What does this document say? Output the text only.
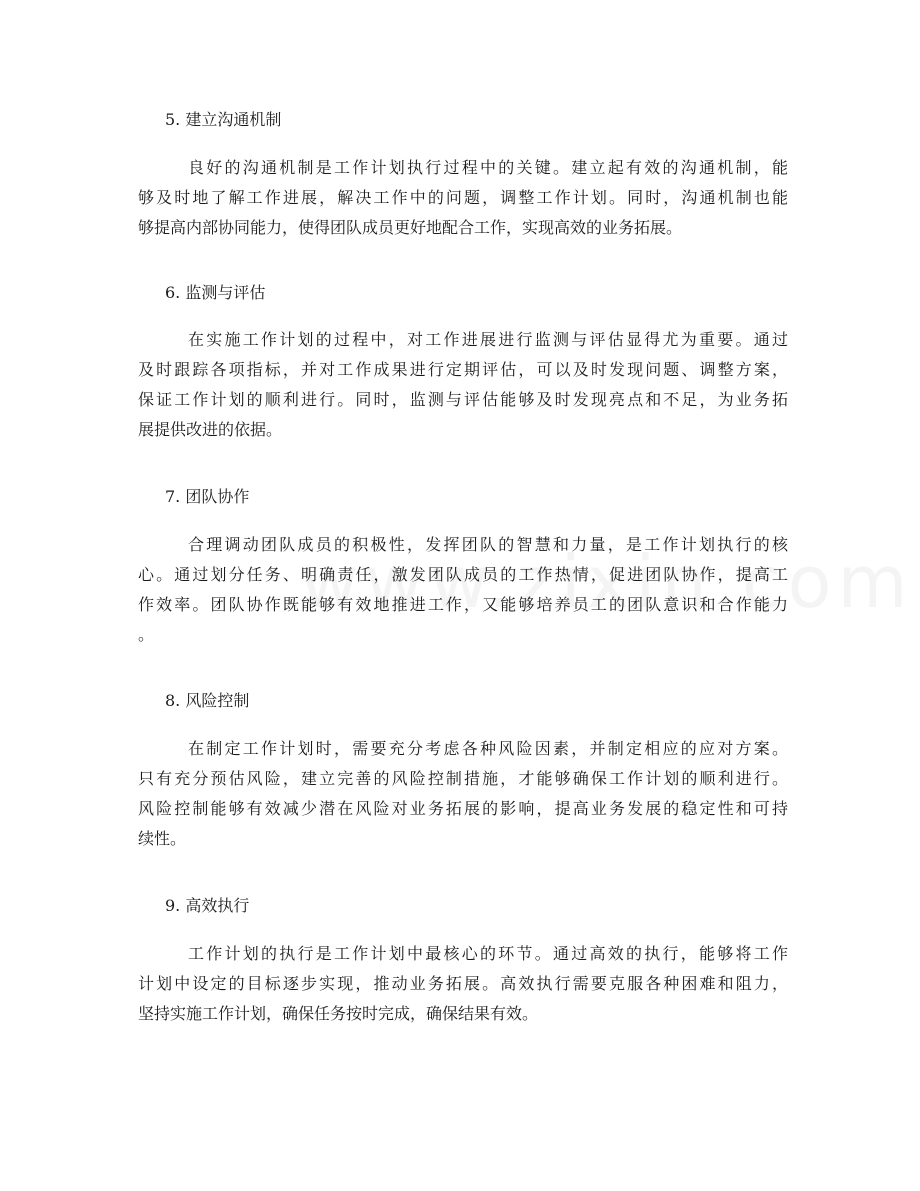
5. 建立沟通机制
良好的沟通机制是工作计划执行过程中的关键。建立起有效的沟通机制，能
够及时地了解工作进展，解决工作中的问题，调整工作计划。同时，沟通机制也能
够提高内部协同能力，使得团队成员更好地配合工作，实现高效的业务拓展。
6. 监测与评估
在实施工作计划的过程中，对工作进展进行监测与评估显得尤为重要。通过
及时跟踪各项指标，并对工作成果进行定期评估，可以及时发现问题、调整方案，
保证工作计划的顺利进行。同时，监测与评估能够及时发现亮点和不足，为业务拓
展提供改进的依据。
7. 团队协作
合理调动团队成员的积极性，发挥团队的智慧和力量，是工作计划执行的核
心。通过划分任务、明确责任，激发团队成员的工作热情，促进团队协作，提高工
作效率。团队协作既能够有效地推进工作，又能够培养员工的团队意识和合作能力
。
8. 风险控制
在制定工作计划时，需要充分考虑各种风险因素，并制定相应的应对方案。
只有充分预估风险，建立完善的风险控制措施，才能够确保工作计划的顺利进行。
风险控制能够有效减少潜在风险对业务拓展的影响，提高业务发展的稳定性和可持
续性。
9. 高效执行
工作计划的执行是工作计划中最核心的环节。通过高效的执行，能够将工作
计划中设定的目标逐步实现，推动业务拓展。高效执行需要克服各种困难和阻力，
坚持实施工作计划，确保任务按时完成，确保结果有效。
